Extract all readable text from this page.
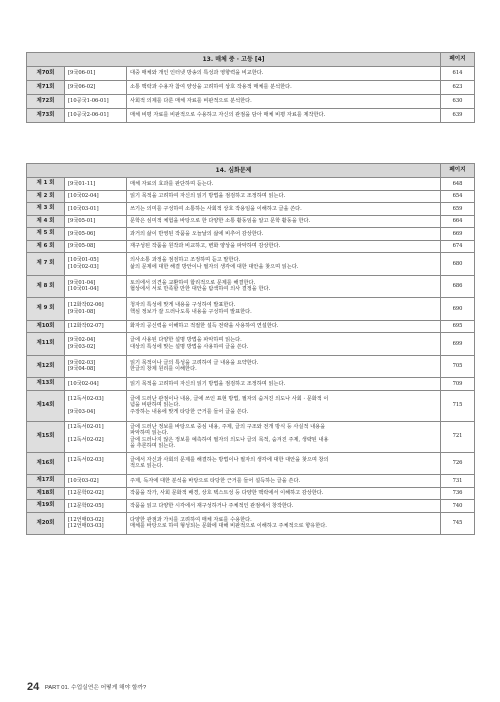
13. 매체 중 · 고등 [4]			페이지
제70회	[9국06-01]	대중 매체와 개인 인터넷 방송의 특성과 영향력을 비교한다.	614
제71회	[9국06-02]	소통 맥락과 수용자 참여 양상을 고려하여 상호 작용적 매체를 분석한다.	623
제72회	[10공국1-06-01]	사회적 의제를 다룬 매체 자료를 비판적으로 분석한다.	630
제73회	[10공국2-06-01]	매체 비평 자료를 비판적으로 수용하고 자신의 관점을 담아 매체 비평 자료를 제작한다.	639
14. 심화문제			페이지
제 1 회	[9국01-11]	매체 자료의 효과를 판단하며 듣는다.	648
제 2 회	[10국02-04]	읽기 목적을 고려하여 자신의 읽기 방법을 점검하고 조정하며 읽는다.	654
제 3 회	[10국03-01]	쓰기는 의미를 구성하여 소통하는 사회적 상호 작용임을 이해하고 글을 쓴다.	659
제 4 회	[9국05-01]	문학은 심미적 체험을 바탕으로 한 다양한 소통 활동임을 알고 문학 활동을 한다.	664
제 5 회	[9국05-06]	과거의 삶이 반영된 작품을 오늘날의 삶에 비추어 감상한다.	669
제 6 회	[9국05-08]	재구성된 작품을 원작과 비교하고, 변화 양상을 파악하며 감상한다.	674
제 7 회	[10국01-05]
[10국02-03]	의사소통 과정을 점검하고 조정하며 듣고 말한다.
삶의 문제에 대한 해결 방안이나 필자의 생각에 대한 대안을 찾으며 읽는다.	680
제 8 회	[9국01-04]
[10국01-04]	토의에서 의견을 교환하여 합리적으로 문제를 해결한다.
협상에서 서로 만족할 만한 대안을 탐색하여 의사 결정을 한다.	686
제 9 회	[12화작02-06]
[9국01-08]	청자의 특성에 맞게 내용을 구성하여 발표한다.
핵심 정보가 잘 드러나도록 내용을 구성하여 발표한다.	690
제10회	[12화작02-07]	화자의 공신력을 이해하고 적절한 설득 전략을 사용하여 연설한다.	695
제11회	[9국02-04]
[9국03-02]	글에 사용된 다양한 설명 방법을 파악하며 읽는다.
대상의 특성에 맞는 설명 방법을 사용하여 글을 쓴다.	699
제12회	[9국02-03]
[9국04-08]	읽기 목적이나 글의 특성을 고려하여 글 내용을 요약한다.
한글의 창제 원리를 이해한다.	705
제13회	[10국02-04]	읽기 목적을 고려하여 자신의 읽기 방법을 점검하고 조정하며 읽는다.	709
제14회	[12독서02-03]

[9국03-04]	글에 드러난 관점이나 내용, 글에 쓰인 표현 방법, 필자의 숨겨진 의도나 사회 · 문화적 이
념을 비판하며 읽는다.
주장하는 내용에 맞게 타당한 근거를 들어 글을 쓴다.	715
제15회	[12독서02-01]

[12독서02-02]	글에 드러난 정보를 바탕으로 중심 내용, 주제, 글의 구조와 전개 방식 등 사실적 내용을
파악하며 읽는다.
글에 드러나지 않은 정보를 예측하여 필자의 의도나 글의 목적, 숨겨진 주제, 생략된 내용
을 추론하며 읽는다.	721
제16회	[12독서02-03]	글에서 자신과 사회의 문제를 해결하는 방법이나 필자의 생각에 대한 대안을 찾으며 창의
적으로 읽는다.	726
제17회	[10국03-02]	주제, 독자에 대한 분석을 바탕으로 타당한 근거를 들어 설득하는 글을 쓴다.	731
제18회	[12문학02-02]	작품을 작가, 사회 문화적 배경, 상호 텍스트성 등 다양한 맥락에서 이해하고 감상한다.	736
제19회	[12문학02-05]	작품을 읽고 다양한 시각에서 재구성하거나 주체적인 관점에서 창작한다.	740
제20회	[12언매03-02]
[12언매03-03]	다양한 관점과 가치를 고려하여 매체 자료를 수용한다.
매체를 바탕으로 하여 형성되는 문화에 대해 비판적으로 이해하고 주체적으로 향유한다.	745
24 PART 01. 수업실연은 어떻게 해야 할까?
